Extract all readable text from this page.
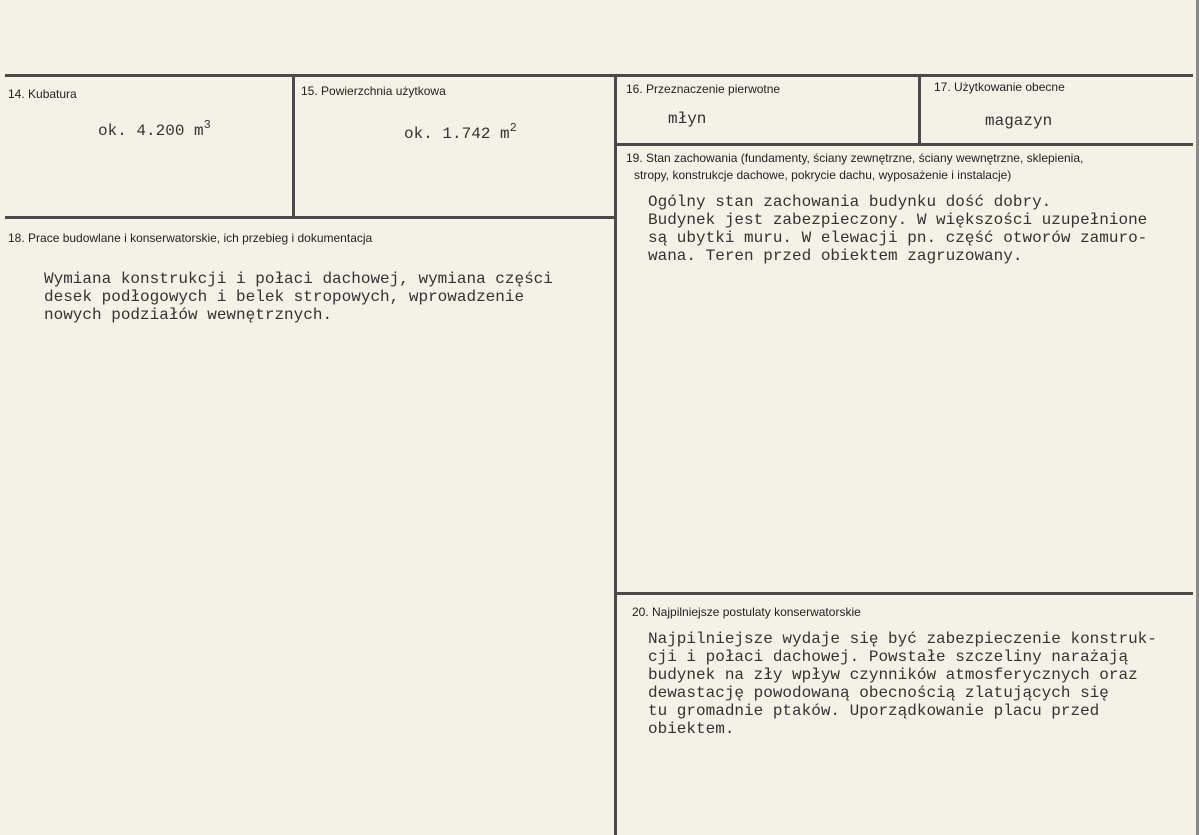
14. Kubatura
ok. 4.200 $m^3$
15. Powierzchnia użytkowa
ok. 1.742 $m^2$
16. Przeznaczenie pierwotne
młyn
17. Użytkowanie obecne
magazyn
19. Stan zachowania (fundamenty, ściany zewnętrzne, ściany wewnętrzne, sklepienia,
stropy, konstrukcje dachowe, pokrycie dachu, wyposażenie i instalacje)
Ogólny stan zachowania budynku dość dobry.
Budynek jest zabezpieczony. W większości uzupełnione
są ubytki muru. W elewacji pn. część otworów zamuro-
wana. Teren przed obiektem zagruzowany.
18. Prace budowlane i konserwatorskie, ich przebieg i dokumentacja
Wymiana konstrukcji i połaci dachowej, wymiana części
desek podłogowych i belek stropowych, wprowadzenie
nowych podziałów wewnętrznych.
20. Najpilniejsze postulaty konserwatorskie
Najpilniejsze wydaje się być zabezpieczenie konstruk-
cji i połaci dachowej. Powstałe szczeliny narażają
budynek na zły wpływ czynników atmosferycznych oraz
dewastację powodowaną obecnością zlatujących się
tu gromadnie ptaków. Uporządkowanie placu przed
obiektem.
